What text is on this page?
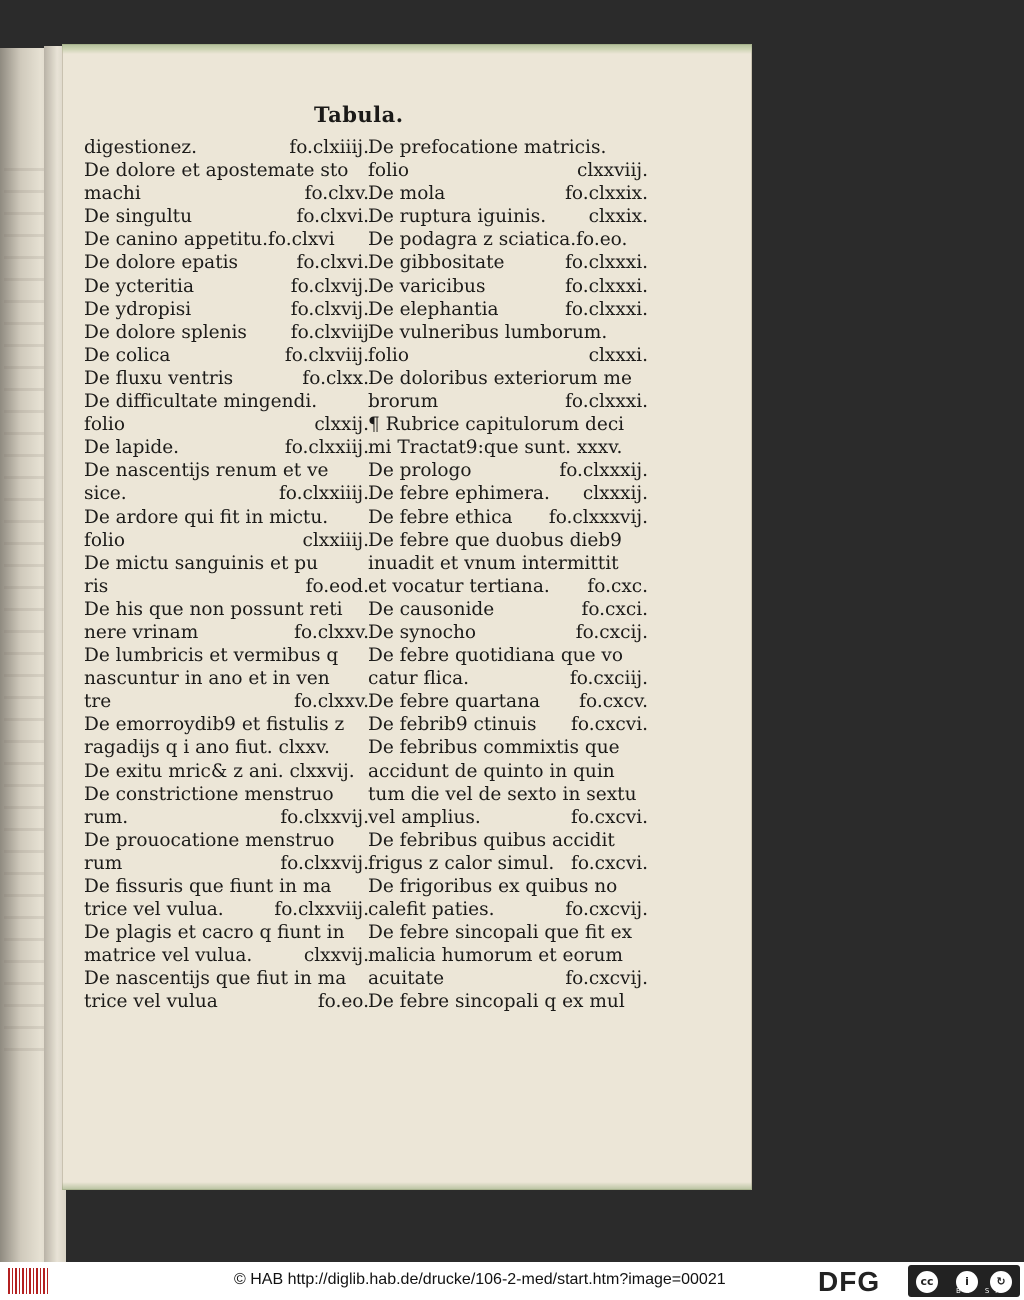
Tabula.
digestionez.	fo.clxiiij.
De dolore et apostemate sto
machi	fo.clxv.
De singultu	fo.clxvi.
De canino appetitu.fo.clxvi
De dolore epatis	fo.clxvi.
De ycteritia	fo.clxvij.
De ydropisi	fo.clxvij.
De dolore splenis	fo.clxviij
De colica	fo.clxviij.
De fluxu ventris	fo.clxx.
De difficultate mingendi.
folio	clxxij.
De lapide.	fo.clxxiij.
De nascentijs renum et ve
sice.	fo.clxxiiij.
De ardore qui fit in mictu.
folio	clxxiiij.
De mictu sanguinis et pu
ris	fo.eod.
De his que non possunt reti
nere vrinam	fo.clxxv.
De lumbricis et vermibus q
nascuntur in ano et in ven
tre	fo.clxxv.
De emorroydib9 et fistulis z
ragadijs q i ano fiut. clxxv.
De exitu mric& z ani. clxxvij.
De constrictione menstruo
rum.	fo.clxxvij.
De prouocatione menstruo
rum	fo.clxxvij.
De fissuris que fiunt in ma
trice vel vulua.	fo.clxxviij.
De plagis et cacro q fiunt in
matrice vel vulua.	clxxvij.
De nascentijs que fiut in ma
trice vel vulua	fo.eo.
De prefocatione matricis.
folio	clxxviij.
De mola	fo.clxxix.
De ruptura iguinis.	clxxix.
De podagra z sciatica.fo.eo.
De gibbositate	fo.clxxxi.
De varicibus	fo.clxxxi.
De elephantia	fo.clxxxi.
De vulneribus lumborum.
folio	clxxxi.
De doloribus exteriorum me
brorum	fo.clxxxi.
¶ Rubrice capitulorum deci
mi Tractat9:que sunt. xxxv.
De prologo	fo.clxxxij.
De febre ephimera.	clxxxij.
De febre ethica	fo.clxxxvij.
De febre que duobus dieb9
inuadit et vnum intermittit
et vocatur tertiana.	fo.cxc.
De causonide	fo.cxci.
De synocho	fo.cxcij.
De febre quotidiana que vo
catur flica.	fo.cxciij.
De febre quartana	fo.cxcv.
De febrib9 ctinuis	fo.cxcvi.
De febribus commixtis que
accidunt de quinto in quin
tum die vel de sexto in sextu
vel amplius.	fo.cxcvi.
De febribus quibus accidit
frigus z calor simul. fo.cxcvi.
De frigoribus ex quibus no
calefit paties.	fo.cxcvij.
De febre sincopali que fit ex
malicia humorum et eorum
acuitate	fo.cxcvij.
De febre sincopali q ex mul
© HAB http://diglib.hab.de/drucke/106-2-med/start.htm?image=00021	DFG	cc	i	↻
BY SA
